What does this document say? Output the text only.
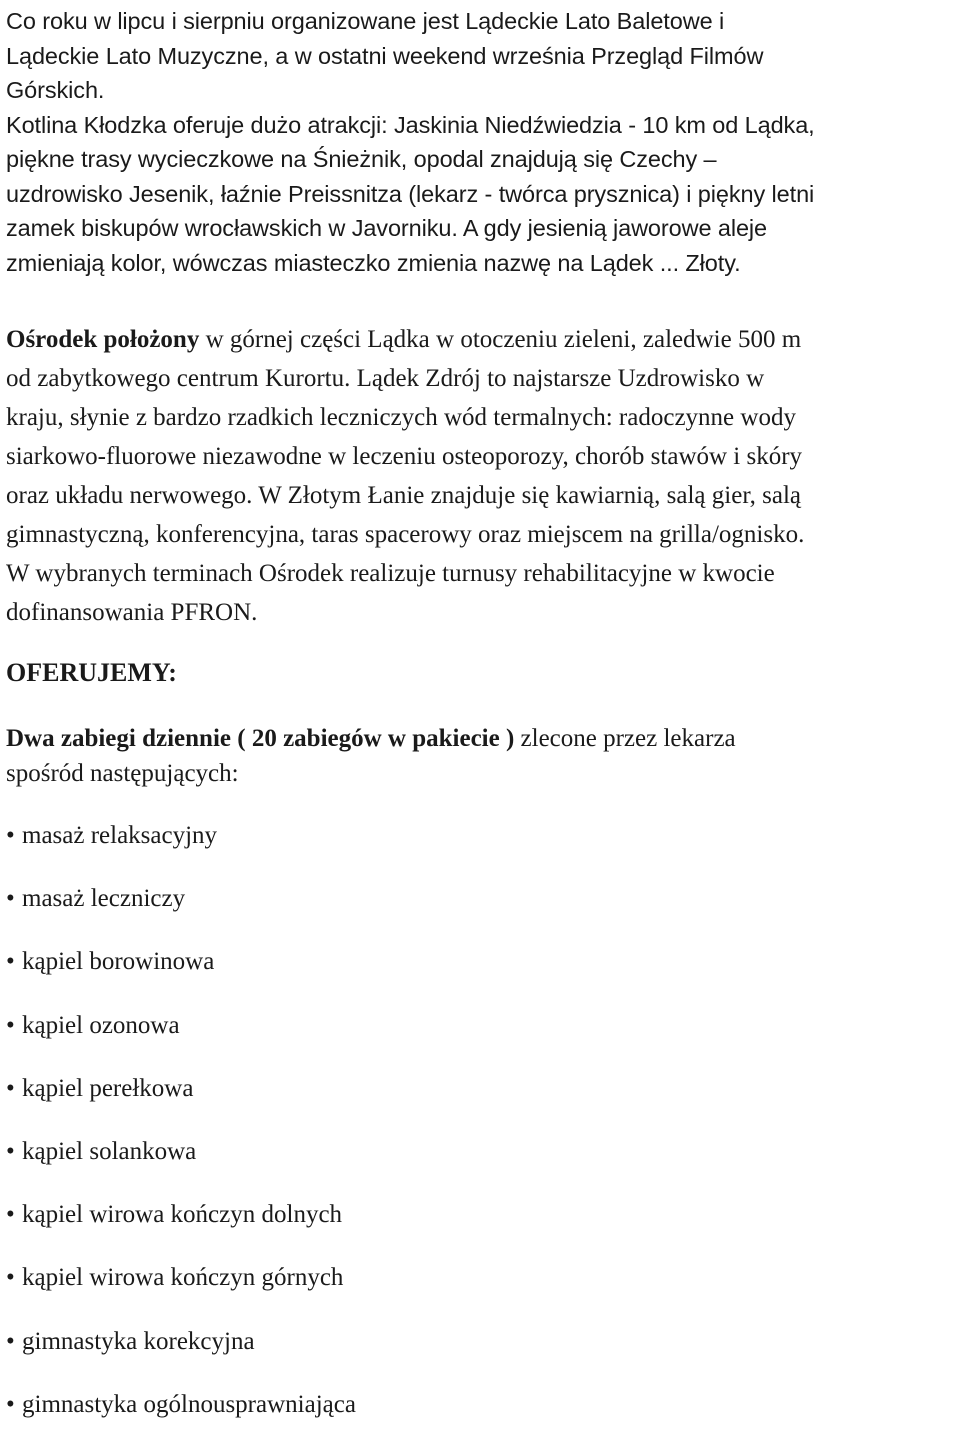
Co roku w lipcu i sierpniu organizowane jest Lądeckie Lato Baletowe i
Lądeckie Lato Muzyczne, a w ostatni weekend września Przegląd Filmów
Górskich.
Kotlina Kłodzka oferuje dużo atrakcji: Jaskinia Niedźwiedzia - 10 km od Lądka,
piękne trasy wycieczkowe na Śnieżnik, opodal znajdują się Czechy –
uzdrowisko Jesenik, łaźnie Preissnitza (lekarz - twórca prysznica) i piękny letni
zamek biskupów wrocławskich w Javorniku. A gdy jesienią jaworowe aleje
zmieniają kolor, wówczas miasteczko zmienia nazwę na Lądek ... Złoty.

Ośrodek położony w górnej części Lądka w otoczeniu zieleni, zaledwie 500 m
od zabytkowego centrum Kurortu. Lądek Zdrój to najstarsze Uzdrowisko w
kraju, słynie z bardzo rzadkich leczniczych wód termalnych: radoczynne wody
siarkowo-fluorowe niezawodne w leczeniu osteoporozy, chorób stawów i skóry
oraz układu nerwowego. W Złotym Łanie znajduje się kawiarnią, salą gier, salą
gimnastyczną, konferencyjna, taras spacerowy oraz miejscem na grilla/ognisko.
W wybranych terminach Ośrodek realizuje turnusy rehabilitacyjne w kwocie
dofinansowania PFRON.

OFERUJEMY:

Dwa zabiegi dziennie ( 20 zabiegów w pakiecie ) zlecone przez lekarza
spośród następujących:

• masaż relaksacyjny
• masaż leczniczy
• kąpiel borowinowa
• kąpiel ozonowa
• kąpiel perełkowa
• kąpiel solankowa
• kąpiel wirowa kończyn dolnych
• kąpiel wirowa kończyn górnych
• gimnastyka korekcyjna
• gimnastyka ogólnousprawniająca
